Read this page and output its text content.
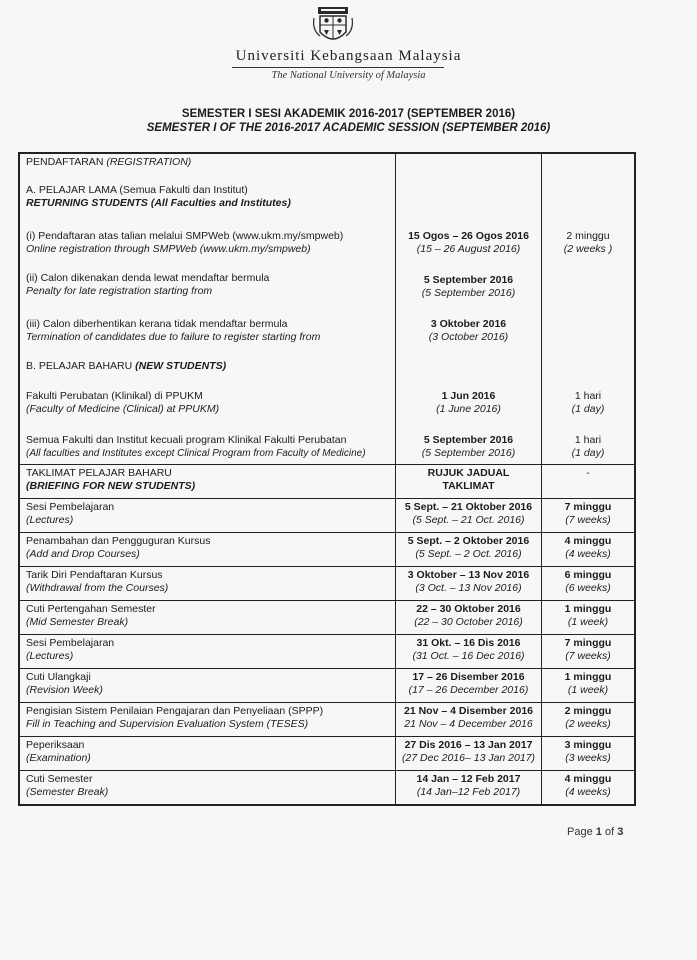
Universiti Kebangsaan Malaysia
The National University of Malaysia
SEMESTER I SESI AKADEMIK 2016-2017 (SEPTEMBER 2016)
SEMESTER I OF THE 2016-2017 ACADEMIC SESSION (SEPTEMBER 2016)
PENDAFTARAN (REGISTRATION)
A. PELAJAR LAMA (Semua Fakulti dan Institut)
RETURNING STUDENTS (All Faculties and Institutes)
(i) Pendaftaran atas talian melalui SMPWeb (www.ukm.my/smpweb)
Online registration through SMPWeb (www.ukm.my/smpweb)
(ii) Calon dikenakan denda lewat mendaftar bermula
Penalty for late registration starting from
(iii) Calon diberhentikan kerana tidak mendaftar bermula
Termination of candidates due to failure to register starting from
B. PELAJAR BAHARU (NEW STUDENTS)
Fakulti Perubatan (Klinikal) di PPUKM
(Faculty of Medicine (Clinical) at PPUKM)
Semua Fakulti dan Institut kecuali program Klinikal Fakulti Perubatan
(All faculties and Institutes except Clinical Program from Faculty of Medicine)
15 Ogos – 26 Ogos 2016
(15 – 26 August 2016)
5 September 2016
(5 September 2016)
3 Oktober 2016
(3 October 2016)
1 Jun 2016
(1 June 2016)
5 September 2016
(5 September 2016)
2 minggu
(2 weeks )
1 hari
(1 day)
1 hari
(1 day)
TAKLIMAT PELAJAR BAHARU
(BRIEFING FOR NEW STUDENTS)
RUJUK JADUAL
TAKLIMAT
-
Sesi Pembelajaran
(Lectures)
5 Sept. – 21 Oktober 2016
(5 Sept. – 21 Oct. 2016)
7 minggu
(7 weeks)
Penambahan dan Pengguguran Kursus
(Add and Drop Courses)
5 Sept. – 2 Oktober 2016
(5 Sept. – 2 Oct. 2016)
4 minggu
(4 weeks)
Tarik Diri Pendaftaran Kursus
(Withdrawal from the Courses)
3 Oktober – 13 Nov 2016
(3 Oct. – 13 Nov 2016)
6 minggu
(6 weeks)
Cuti Pertengahan Semester
(Mid Semester Break)
22 – 30 Oktober 2016
(22 – 30 October 2016)
1 minggu
(1 week)
Sesi Pembelajaran
(Lectures)
31 Okt. – 16 Dis 2016
(31 Oct. – 16 Dec 2016)
7 minggu
(7 weeks)
Cuti Ulangkaji
(Revision Week)
17 – 26 Disember 2016
(17 – 26 December 2016)
1 minggu
(1 week)
Pengisian Sistem Penilaian Pengajaran dan Penyeliaan (SPPP)
Fill in Teaching and Supervision Evaluation System (TESES)
21 Nov – 4 Disember 2016
21 Nov – 4 December 2016
2 minggu
(2 weeks)
Peperiksaan
(Examination)
27 Dis 2016 – 13 Jan 2017
(27 Dec 2016– 13 Jan 2017)
3 minggu
(3 weeks)
Cuti Semester
(Semester Break)
14 Jan – 12 Feb 2017
(14 Jan–12 Feb 2017)
4 minggu
(4 weeks)
Page 1 of 3
